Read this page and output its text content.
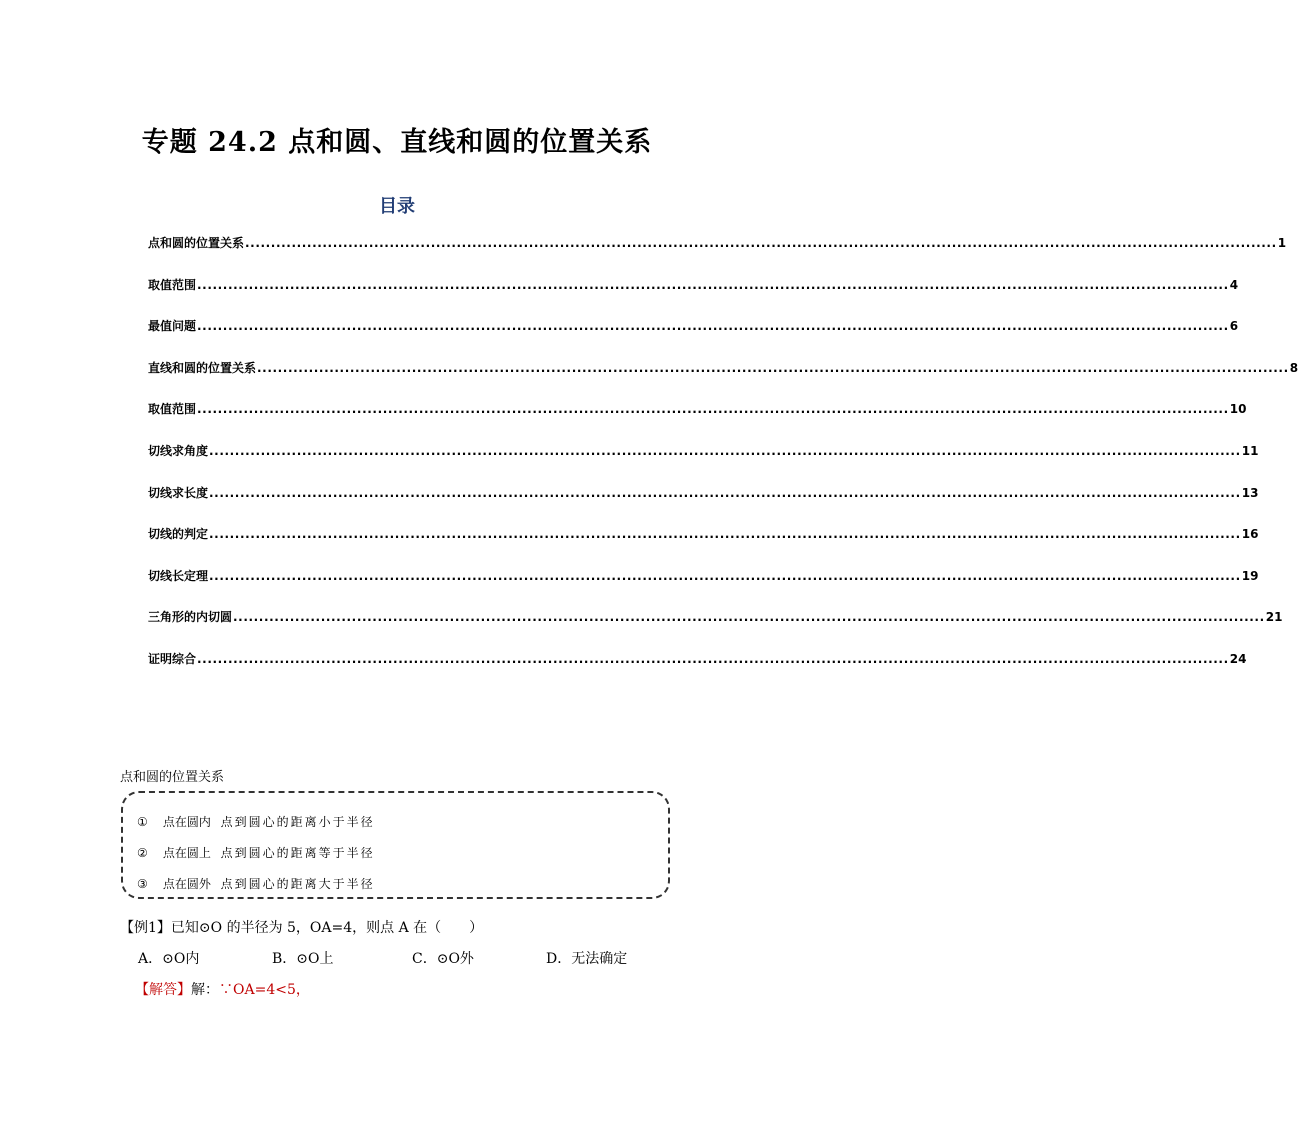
专题 24.2 点和圆、直线和圆的位置关系
目录
点和圆的位置关系 ........................................................................................................................................................................................................ 1
取值范围 ........................................................................................................................................................................................................ 4
最值问题 ........................................................................................................................................................................................................ 6
直线和圆的位置关系 ........................................................................................................................................................................................................ 8
取值范围 ........................................................................................................................................................................................................ 10
切线求角度 ........................................................................................................................................................................................................ 11
切线求长度 ........................................................................................................................................................................................................ 13
切线的判定 ........................................................................................................................................................................................................ 16
切线长定理 ........................................................................................................................................................................................................ 19
三角形的内切圆 ........................................................................................................................................................................................................ 21
证明综合 ........................................................................................................................................................................................................ 24
点和圆的位置关系
① 点在圆内 点到圆心的距离小于半径
② 点在圆上 点到圆心的距离等于半径
③ 点在圆外 点到圆心的距离大于半径
【例1】已知⊙O 的半径为 5，OA=4，则点 A 在（　　）
A．⊙O内	B．⊙O上	C．⊙O外	D．无法确定
【解答】解：∵OA=4<5，
